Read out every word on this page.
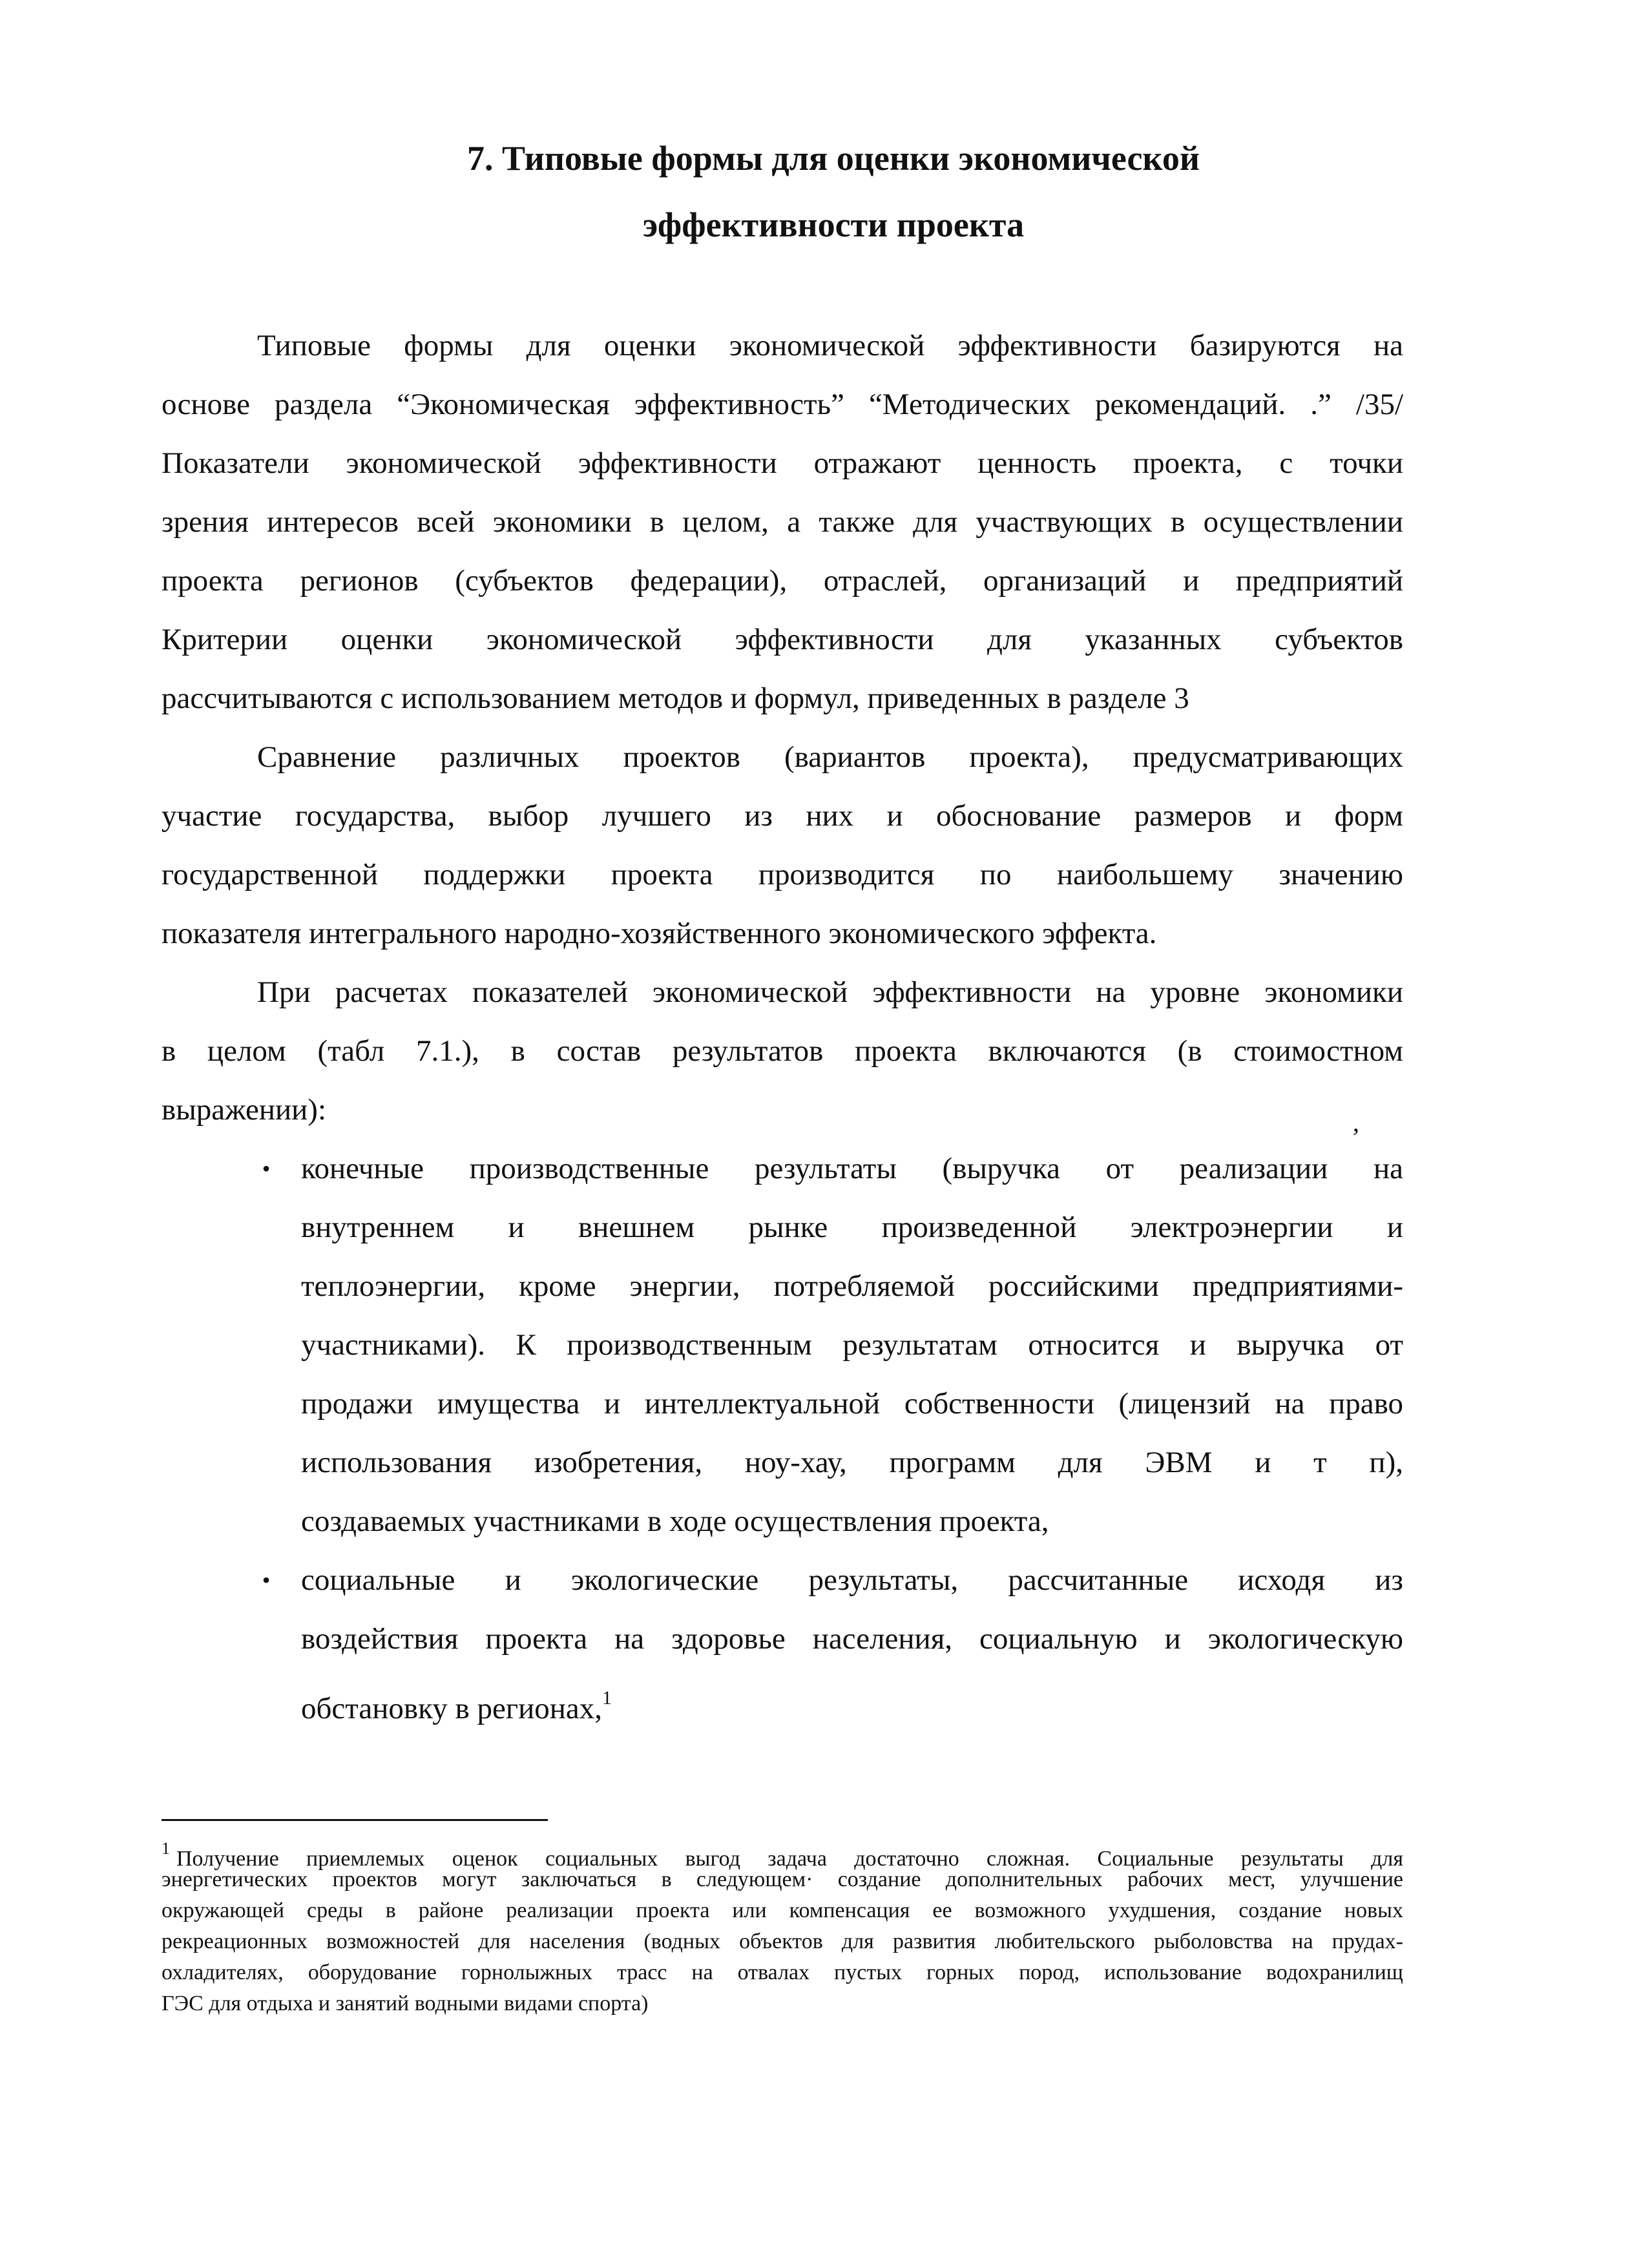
7. Типовые формы для оценки экономической
эффективности проекта
Типовые формы для оценки экономической эффективности базируются на
основе раздела “Экономическая эффективность” “Методических рекомендаций. .” /35/
Показатели экономической эффективности отражают ценность проекта, с точки
зрения интересов всей экономики в целом, а также для участвующих в осуществлении
проекта регионов (субъектов федерации), отраслей, организаций и предприятий
Критерии оценки экономической эффективности для указанных субъектов
рассчитываются с использованием методов и формул, приведенных в разделе 3
Сравнение различных проектов (вариантов проекта), предусматривающих
участие государства, выбор лучшего из них и обоснование размеров и форм
государственной поддержки проекта производится по наибольшему значению
показателя интегрального народно-хозяйственного экономического эффекта.
При расчетах показателей экономической эффективности на уровне экономики
в целом (табл 7.1.), в состав результатов проекта включаются (в стоимостном
выражении):	‚
• конечные производственные результаты (выручка от реализации на
внутреннем и внешнем рынке произведенной электроэнергии и
теплоэнергии, кроме энергии, потребляемой российскими предприятиями-
участниками). К производственным результатам относится и выручка от
продажи имущества и интеллектуальной собственности (лицензий на право
использования изобретения, ноу-хау, программ для ЭВМ и т п),
создаваемых участниками в ходе осуществления проекта,
• социальные и экологические результаты, рассчитанные исходя из
воздействия проекта на здоровье населения, социальную и экологическую
обстановку в регионах,$^1$
$^1$ Получение приемлемых оценок социальных выгод задача достаточно сложная. Социальные результаты для
энергетических проектов могут заключаться в следующем· создание дополнительных рабочих мест, улучшение
окружающей среды в районе реализации проекта или компенсация ее возможного ухудшения, создание новых
рекреационных возможностей для населения (водных объектов для развития любительского рыболовства на прудах-
охладителях, оборудование горнолыжных трасс на отвалах пустых горных пород, использование водохранилищ
ГЭС для отдыха и занятий водными видами спорта)
